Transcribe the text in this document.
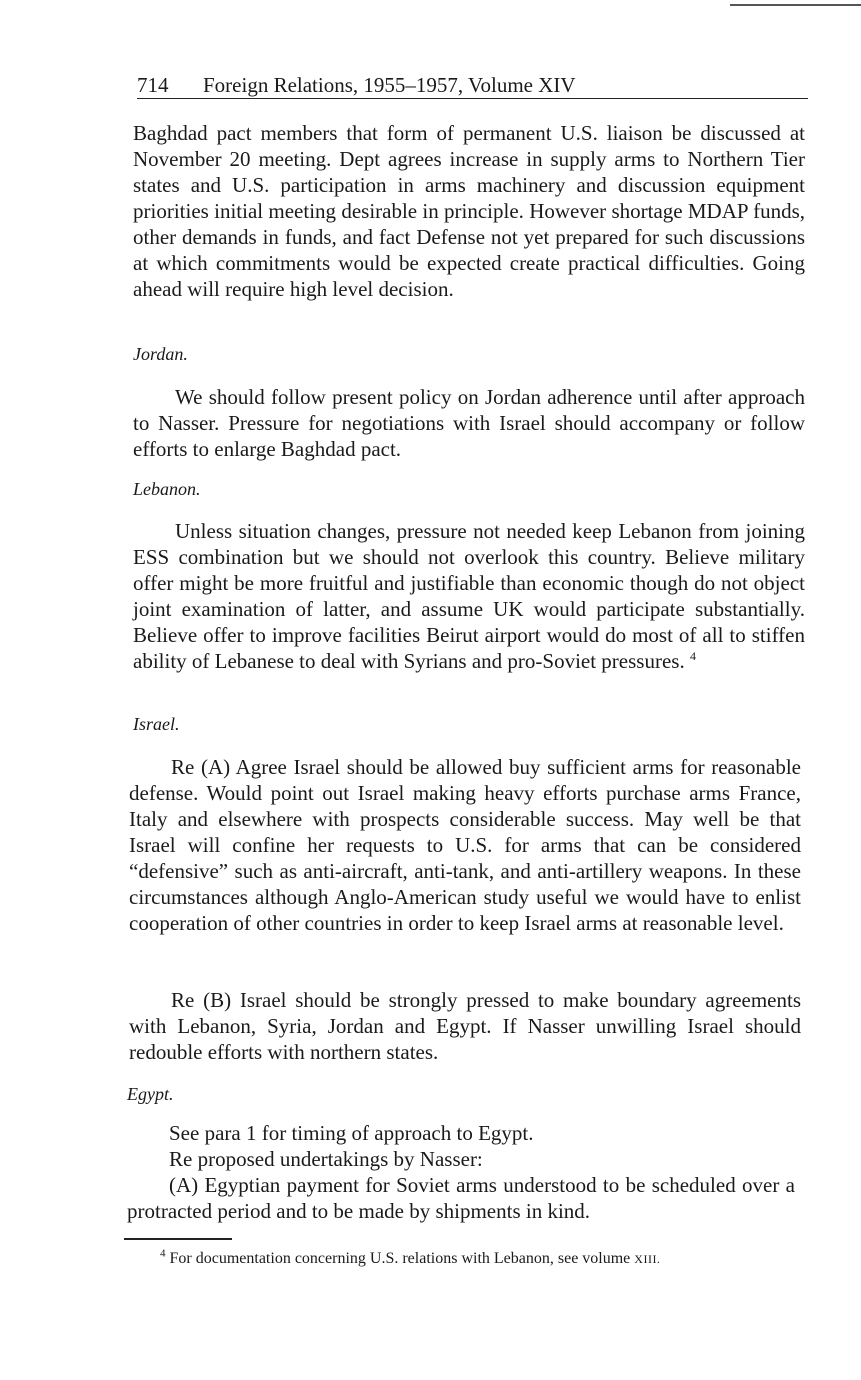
714 Foreign Relations, 1955–1957, Volume XIV

Baghdad pact members that form of permanent U.S. liaison be discussed at November 20 meeting. Dept agrees increase in supply arms to Northern Tier states and U.S. participation in arms machinery and discussion equipment priorities initial meeting desirable in principle. However shortage MDAP funds, other demands in funds, and fact Defense not yet prepared for such discussions at which commitments would be expected create practical difficulties. Going ahead will require high level decision.

Jordan.

We should follow present policy on Jordan adherence until after approach to Nasser. Pressure for negotiations with Israel should accompany or follow efforts to enlarge Baghdad pact.

Lebanon.

Unless situation changes, pressure not needed keep Lebanon from joining ESS combination but we should not overlook this country. Believe military offer might be more fruitful and justifiable than economic though do not object joint examination of latter, and assume UK would participate substantially. Believe offer to improve facilities Beirut airport would do most of all to stiffen ability of Lebanese to deal with Syrians and pro-Soviet pressures. $^4$

Israel.

Re (A) Agree Israel should be allowed buy sufficient arms for reasonable defense. Would point out Israel making heavy efforts purchase arms France, Italy and elsewhere with prospects considerable success. May well be that Israel will confine her requests to U.S. for arms that can be considered “defensive” such as anti-aircraft, anti-tank, and anti-artillery weapons. In these circumstances although Anglo-American study useful we would have to enlist cooperation of other countries in order to keep Israel arms at reasonable level.

Re (B) Israel should be strongly pressed to make boundary agreements with Lebanon, Syria, Jordan and Egypt. If Nasser unwilling Israel should redouble efforts with northern states.

Egypt.

See para 1 for timing of approach to Egypt.

Re proposed undertakings by Nasser:

(A) Egyptian payment for Soviet arms understood to be scheduled over a protracted period and to be made by shipments in kind.

$^4$ For documentation concerning U.S. relations with Lebanon, see volume XIII.
